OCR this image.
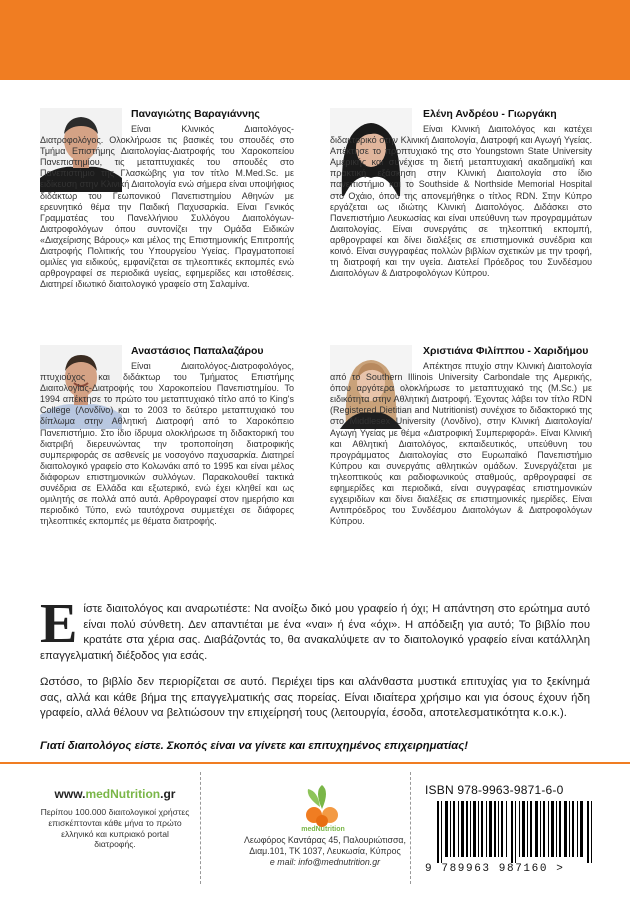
Παναγιώτης Βαραγιάννης

Είναι Κλινικός Διαιτολόγος-Διατροφολόγος. Ολοκλήρωσε τις βασικές του σπουδές στο Τμήμα Επιστήμης Διαιτολογίας-Διατροφής του Χαροκοπείου Πανεπιστημίου, τις μεταπτυχιακές του σπουδές στο Πανεπιστήμιο της Γλασκώβης για τον τίτλο M.Med.Sc. με ειδίκευση στην Κλινική Διαιτολογία ενώ σήμερα είναι υποψήφιος διδάκτωρ του Γεωπονικού Πανεπιστημίου Αθηνών με ερευνητικό θέμα την Παιδική Παχυσαρκία. Είναι Γενικός Γραμματέας του Πανελλήνιου Συλλόγου Διαιτολόγων-Διατροφολόγων όπου συντονίζει την Ομάδα Ειδικών «Διαχείρισης Βάρους» και μέλος της Επιστημονικής Επιτροπής Διατροφής Πολιτικής του Υπουργείου Υγείας. Πραγματοποιεί ομιλίες για ειδικούς, εμφανίζεται σε τηλεοπτικές εκπομπές ενώ αρθρογραφεί σε περιοδικά υγείας, εφημερίδες και ιστοθέσεις. Διατηρεί ιδιωτικό διαιτολογικό γραφείο στη Σαλαμίνα.

Ελένη Ανδρέου - Γιωργάκη

Είναι Κλινική Διαιτολόγος και κατέχει διδακτορικό στην Κλινική Διαιτολογία, Διατροφή και Αγωγή Υγείας. Απέκτησε το προπτυχιακό της στο Youngstown State University Αμερικής και συνέχισε τη διετή μεταπτυχιακή ακαδημαϊκή και πρακτική εξάσκηση στην Κλινική Διαιτολογία στο ίδιο πανεπιστήμιο και το Southside & Northside Memorial Hospital στο Οχάιο, όπου της απονεμήθηκε ο τίτλος RDN. Στην Κύπρο εργάζεται ως ιδιώτης Κλινική Διαιτολόγος. Διδάσκει στο Πανεπιστήμιο Λευκωσίας και είναι υπεύθυνη των προγραμμάτων Διαιτολογίας. Είναι συνεργάτις σε τηλεοπτική εκπομπή, αρθρογραφεί και δίνει διαλέξεις σε επιστημονικά συνέδρια και κοινό. Είναι συγγραφέας πολλών βιβλίων σχετικών με την τροφή, τη διατροφή και την υγεία. Διατελεί Πρόεδρος του Συνδέσμου Διαιτολόγων & Διατροφολόγων Κύπρου.

Αναστάσιος Παπαλαζάρου

Είναι Διαιτολόγος-Διατροφολόγος, πτυχιούχος και διδάκτωρ του Τμήματος Επιστήμης Διαιτολογίας-Διατροφής του Χαροκοπείου Πανεπιστημίου. Το 1994 απέκτησε το πρώτο του μεταπτυχιακό τίτλο από το King's College (Λονδίνο) και το 2003 το δεύτερο μεταπτυχιακό του δίπλωμα στην Αθλητική Διατροφή από το Χαροκόπειο Πανεπιστήμιο. Στο ίδιο ίδρυμα ολοκλήρωσε τη διδακτορική του διατριβή διερευνώντας την τροποποίηση διατροφικής συμπεριφοράς σε ασθενείς με νοσογόνο παχυσαρκία. Διατηρεί διαιτολογικό γραφείο στο Κολωνάκι από το 1995 και είναι μέλος διάφορων επιστημονικών συλλόγων. Παρακολουθεί τακτικά συνέδρια σε Ελλάδα και εξωτερικό, ενώ έχει κληθεί και ως ομιλητής σε πολλά από αυτά. Αρθρογραφεί στον ημερήσιο και περιοδικό Τύπο, ενώ ταυτόχρονα συμμετέχει σε διάφορες τηλεοπτικές εκπομπές με θέματα διατροφής.

Χριστιάνα Φιλίππου - Χαριδήμου

Απέκτησε πτυχίο στην Κλινική Διαιτολογία από το Southern Illinois University Carbondale της Αμερικής, όπου αργότερα ολοκλήρωσε το μεταπτυχιακό της (M.Sc.) με ειδικότητα στην Αθλητική Διατροφή. Έχοντας λάβει τον τίτλο RDN (Registered Dietitian and Nutritionist) συνέχισε το διδακτορικό της στο Middlesex University (Λονδίνο), στην Κλινική Διαιτολογία/ Αγωγή Υγείας με θέμα «Διατροφική Συμπεριφορά». Είναι Κλινική και Αθλητική Διαιτολόγος, εκπαιδευτικός, υπεύθυνη του προγράμματος Διαιτολογίας στο Ευρωπαϊκό Πανεπιστήμιο Κύπρου και συνεργάτις αθλητικών ομάδων. Συνεργάζεται με τηλεοπτικούς και ραδιοφωνικούς σταθμούς, αρθρογραφεί σε εφημερίδες και περιοδικά, είναι συγγραφέας επιστημονικών εγχειριδίων και δίνει διαλέξεις σε επιστημονικές ημερίδες. Είναι Αντιπρόεδρος του Συνδέσμου Διαιτολόγων & Διατροφολόγων Κύπρου.

Είστε διαιτολόγος και αναρωτιέστε: Να ανοίξω δικό μου γραφείο ή όχι; Η απάντηση στο ερώτημα αυτό είναι πολύ σύνθετη. Δεν απαντιέται με ένα «ναι» ή ένα «όχι». Η απόδειξη για αυτό; Το βιβλίο που κρατάτε στα χέρια σας. Διαβάζοντάς το, θα ανακαλύψετε αν το διαιτολογικό γραφείο είναι κατάλληλη επαγγελματική διέξοδος για εσάς.

Ωστόσο, το βιβλίο δεν περιορίζεται σε αυτό. Περιέχει tips και αλάνθαστα μυστικά επιτυχίας για το ξεκίνημά σας, αλλά και κάθε βήμα της επαγγελματικής σας πορείας. Είναι ιδιαίτερα χρήσιμο και για όσους έχουν ήδη γραφείο, αλλά θέλουν να βελτιώσουν την επιχείρησή τους (λειτουργία, έσοδα, αποτελεσματικότητα κ.ο.κ.).

Γιατί διαιτολόγος είστε. Σκοπός είναι να γίνετε και επιτυχημένος επιχειρηματίας!

www.medNutrition.gr

Περίπου 100.000 διαιτολογικοί χρήστες επισκέπτονται κάθε μήνα το πρώτο ελληνικό και κυπριακό portal διατροφής.

medNutrition

Λεωφόρος Καντάρας 45, Παλουριώτισσα,
Διαμ.101, ΤΚ 1037, Λευκωσία, Κύπρος
e mail: info@mednutrition.gr

ISBN 978-9963-9871-6-0
9 789963 987160 >
